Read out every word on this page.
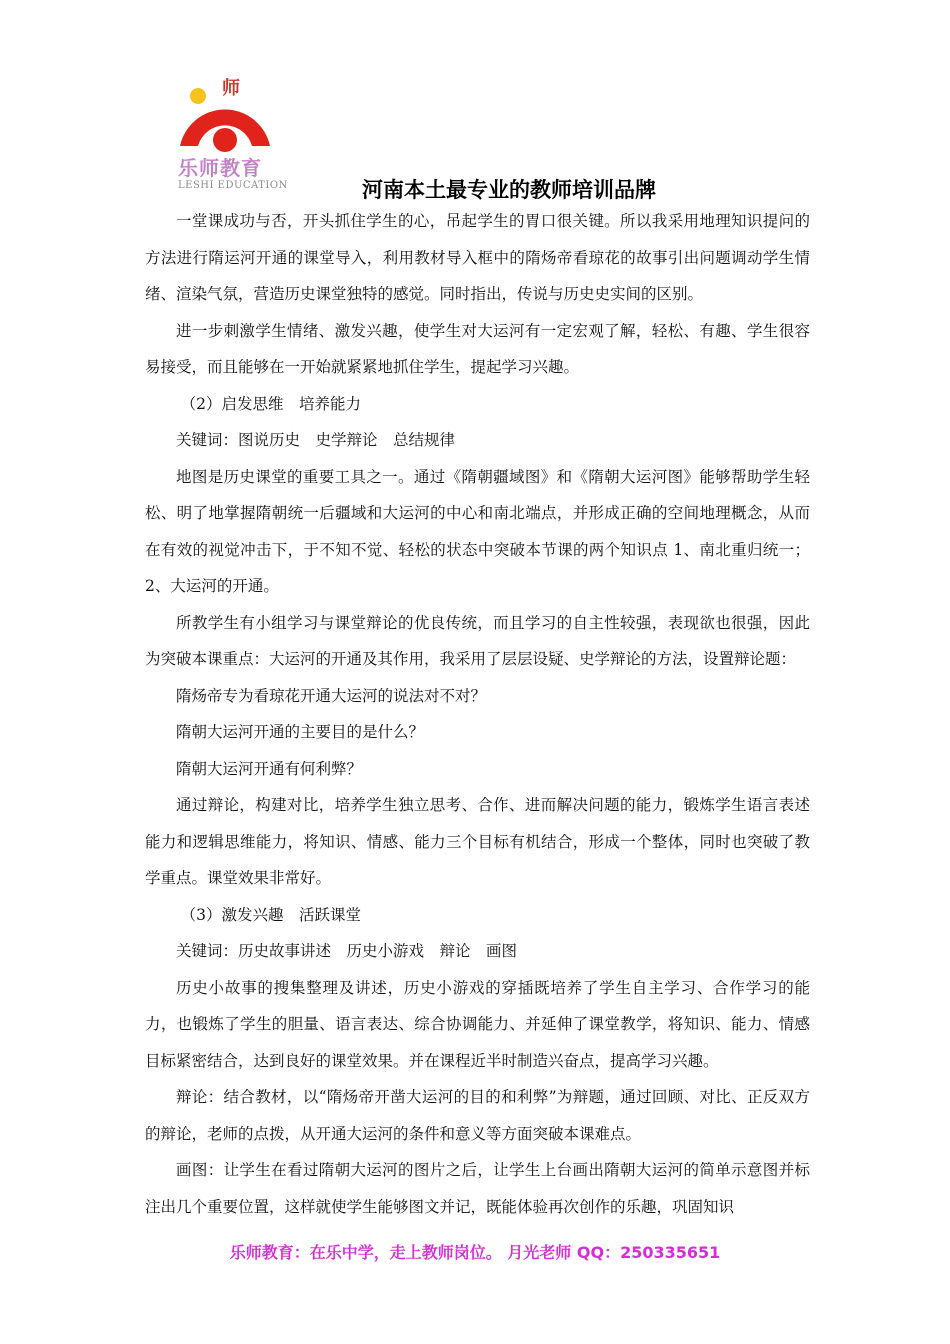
师
乐师教育
LESHI EDUCATION	河南本土最专业的教师培训品牌

一堂课成功与否，开头抓住学生的心，吊起学生的胃口很关键。所以我采用地理知识提问的方法进行隋运河开通的课堂导入，利用教材导入框中的隋炀帝看琼花的故事引出问题调动学生情绪、渲染气氛，营造历史课堂独特的感觉。同时指出，传说与历史史实间的区别。

进一步刺激学生情绪、激发兴趣，使学生对大运河有一定宏观了解，轻松、有趣、学生很容易接受，而且能够在一开始就紧紧地抓住学生，提起学习兴趣。

（2）启发思维　培养能力

关键词：图说历史　史学辩论　总结规律

地图是历史课堂的重要工具之一。通过《隋朝疆域图》和《隋朝大运河图》能够帮助学生轻松、明了地掌握隋朝统一后疆域和大运河的中心和南北端点，并形成正确的空间地理概念，从而在有效的视觉冲击下，于不知不觉、轻松的状态中突破本节课的两个知识点 1、南北重归统一；2、大运河的开通。

所教学生有小组学习与课堂辩论的优良传统，而且学习的自主性较强，表现欲也很强，因此为突破本课重点：大运河的开通及其作用，我采用了层层设疑、史学辩论的方法，设置辩论题：

隋炀帝专为看琼花开通大运河的说法对不对？

隋朝大运河开通的主要目的是什么？

隋朝大运河开通有何利弊？

通过辩论，构建对比，培养学生独立思考、合作、进而解决问题的能力，锻炼学生语言表述能力和逻辑思维能力，将知识、情感、能力三个目标有机结合，形成一个整体，同时也突破了教学重点。课堂效果非常好。

（3）激发兴趣　活跃课堂

关键词：历史故事讲述　历史小游戏　辩论　画图

历史小故事的搜集整理及讲述，历史小游戏的穿插既培养了学生自主学习、合作学习的能力，也锻炼了学生的胆量、语言表达、综合协调能力、并延伸了课堂教学，将知识、能力、情感目标紧密结合，达到良好的课堂效果。并在课程近半时制造兴奋点，提高学习兴趣。

辩论：结合教材，以“隋炀帝开凿大运河的目的和利弊”为辩题，通过回顾、对比、正反双方的辩论，老师的点拨，从开通大运河的条件和意义等方面突破本课难点。

画图：让学生在看过隋朝大运河的图片之后，让学生上台画出隋朝大运河的简单示意图并标注出几个重要位置，这样就使学生能够图文并记，既能体验再次创作的乐趣，巩固知识

乐师教育：在乐中学，走上教师岗位。 月光老师 QQ：250335651
